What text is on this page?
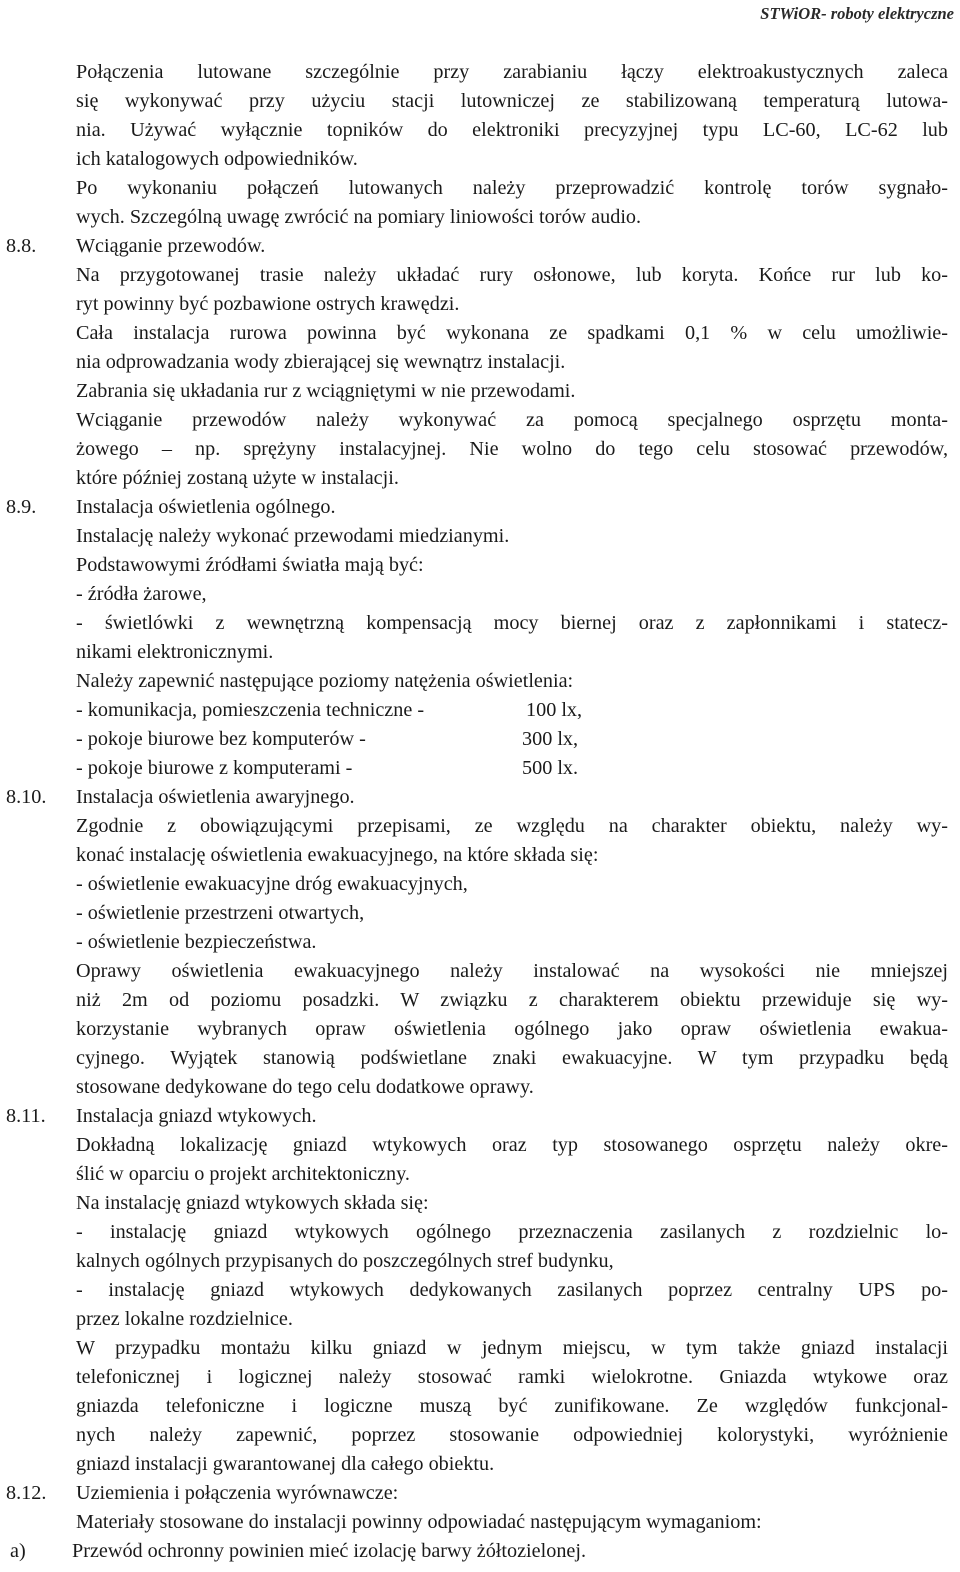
STWiOR- roboty elektryczne
Połączenia lutowane szczególnie przy zarabianiu łączy elektroakustycznych zaleca
się wykonywać przy użyciu stacji lutowniczej ze stabilizowaną temperaturą lutowa-
nia. Używać wyłącznie topników do elektroniki precyzyjnej typu LC-60, LC-62 lub
ich katalogowych odpowiedników.
Po wykonaniu połączeń lutowanych należy przeprowadzić kontrolę torów sygnało-
wych. Szczególną uwagę zwrócić na pomiary liniowości torów audio.
8.8. Wciąganie przewodów.
Na przygotowanej trasie należy układać rury osłonowe, lub koryta. Końce rur lub ko-
ryt powinny być pozbawione ostrych krawędzi.
Cała instalacja rurowa powinna być wykonana ze spadkami 0,1 % w celu umożliwie-
nia odprowadzania wody zbierającej się wewnątrz instalacji.
Zabrania się układania rur z wciągniętymi w nie przewodami.
Wciąganie przewodów należy wykonywać za pomocą specjalnego osprzętu monta-
żowego – np. sprężyny instalacyjnej. Nie wolno do tego celu stosować przewodów,
które później zostaną użyte w instalacji.
8.9. Instalacja oświetlenia ogólnego.
Instalację należy wykonać przewodami miedzianymi.
Podstawowymi źródłami światła mają być:
- źródła żarowe,
- świetlówki z wewnętrzną kompensacją mocy biernej oraz z zapłonnikami i statecz-
nikami elektronicznymi.
Należy zapewnić następujące poziomy natężenia oświetlenia:
- komunikacja, pomieszczenia techniczne -	100 lx,
- pokoje biurowe bez komputerów -	300 lx,
- pokoje biurowe z komputerami -	500 lx.
8.10. Instalacja oświetlenia awaryjnego.
Zgodnie z obowiązującymi przepisami, ze względu na charakter obiektu, należy wy-
konać instalację oświetlenia ewakuacyjnego, na które składa się:
- oświetlenie ewakuacyjne dróg ewakuacyjnych,
- oświetlenie przestrzeni otwartych,
- oświetlenie bezpieczeństwa.
Oprawy oświetlenia ewakuacyjnego należy instalować na wysokości nie mniejszej
niż 2m od poziomu posadzki. W związku z charakterem obiektu przewiduje się wy-
korzystanie wybranych opraw oświetlenia ogólnego jako opraw oświetlenia ewakua-
cyjnego. Wyjątek stanowią podświetlane znaki ewakuacyjne. W tym przypadku będą
stosowane dedykowane do tego celu dodatkowe oprawy.
8.11. Instalacja gniazd wtykowych.
Dokładną lokalizację gniazd wtykowych oraz typ stosowanego osprzętu należy okre-
ślić w oparciu o projekt architektoniczny.
Na instalację gniazd wtykowych składa się:
- instalację gniazd wtykowych ogólnego przeznaczenia zasilanych z rozdzielnic lo-
kalnych ogólnych przypisanych do poszczególnych stref budynku,
- instalację gniazd wtykowych dedykowanych zasilanych poprzez centralny UPS po-
przez lokalne rozdzielnice.
W przypadku montażu kilku gniazd w jednym miejscu, w tym także gniazd instalacji
telefonicznej i logicznej należy stosować ramki wielokrotne. Gniazda wtykowe oraz
gniazda telefoniczne i logiczne muszą być zunifikowane. Ze względów funkcjonal-
nych należy zapewnić, poprzez stosowanie odpowiedniej kolorystyki, wyróżnienie
gniazd instalacji gwarantowanej dla całego obiektu.
8.12. Uziemienia i połączenia wyrównawcze:
Materiały stosowane do instalacji powinny odpowiadać następującym wymaganiom:
a) Przewód ochronny powinien mieć izolację barwy żółtozielonej.
